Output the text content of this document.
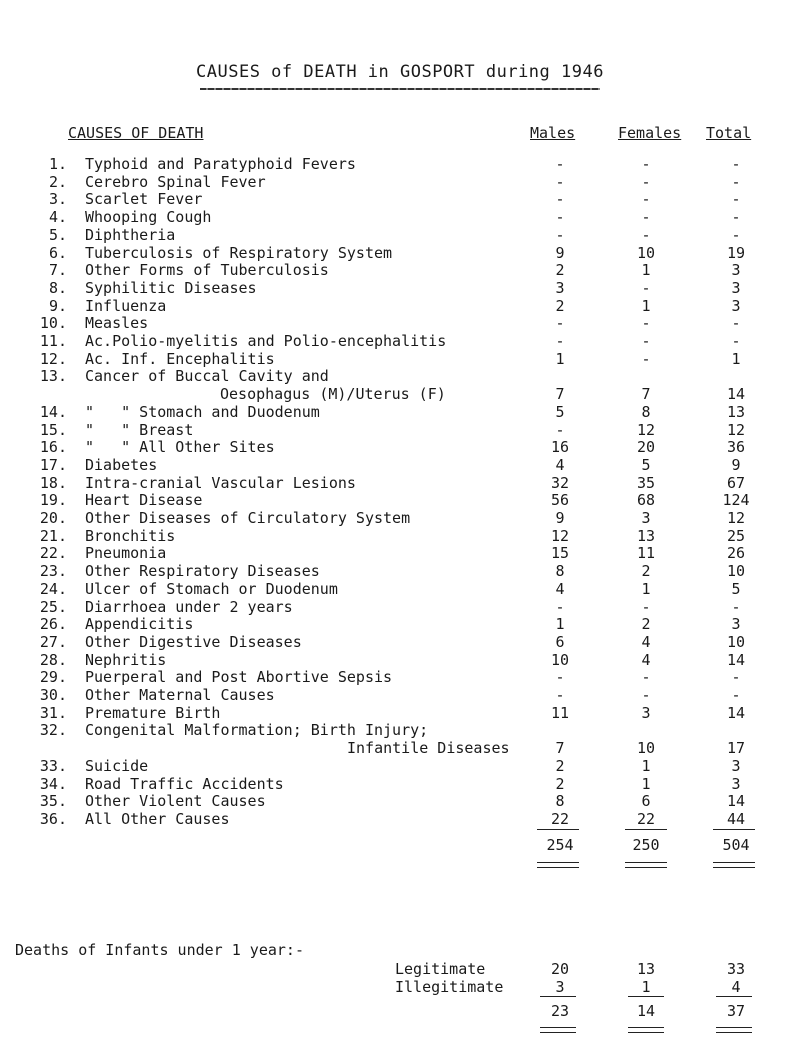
CAUSES of DEATH in GOSPORT during 1946
CAUSES OF DEATH	Males	Females Total
1. Typhoid and Paratyphoid Fevers	-	-	-
2. Cerebro Spinal Fever	-	-	-
3. Scarlet Fever	-	-	-
4. Whooping Cough	-	-	-
5. Diphtheria	-	-	-
6. Tuberculosis of Respiratory System	9	10	19
7. Other Forms of Tuberculosis	2	1	3
8. Syphilitic Diseases	3	-	3
9. Influenza	2	1	3
10. Measles	-	-	-
11. Ac.Polio-myelitis and Polio-encephalitis	-	-	-
12. Ac. Inf. Encephalitis	1	-	1
13. Cancer of Buccal Cavity and
Oesophagus (M)/Uterus (F)	7	7	14
14. "   " Stomach and Duodenum	5	8	13
15. "   " Breast	-	12	12
16. "   " All Other Sites	16	20	36
17. Diabetes	4	5	9
18. Intra-cranial Vascular Lesions	32	35	67
19. Heart Disease	56	68	124
20. Other Diseases of Circulatory System	9	3	12
21. Bronchitis	12	13	25
22. Pneumonia	15	11	26
23. Other Respiratory Diseases	8	2	10
24. Ulcer of Stomach or Duodenum	4	1	5
25. Diarrhoea under 2 years	-	-	-
26. Appendicitis	1	2	3
27. Other Digestive Diseases	6	4	10
28. Nephritis	10	4	14
29. Puerperal and Post Abortive Sepsis	-	-	-
30. Other Maternal Causes	-	-	-
31. Premature Birth	11	3	14
32. Congenital Malformation; Birth Injury;
Infantile Diseases	7	10	17
33. Suicide	2	1	3
34. Road Traffic Accidents	2	1	3
35. Other Violent Causes	8	6	14
36. All Other Causes	22	22	44
254	250	504
Deaths of Infants under 1 year:-
Legitimate	20	13	33
Illegitimate	3	1	4
23	14	37
